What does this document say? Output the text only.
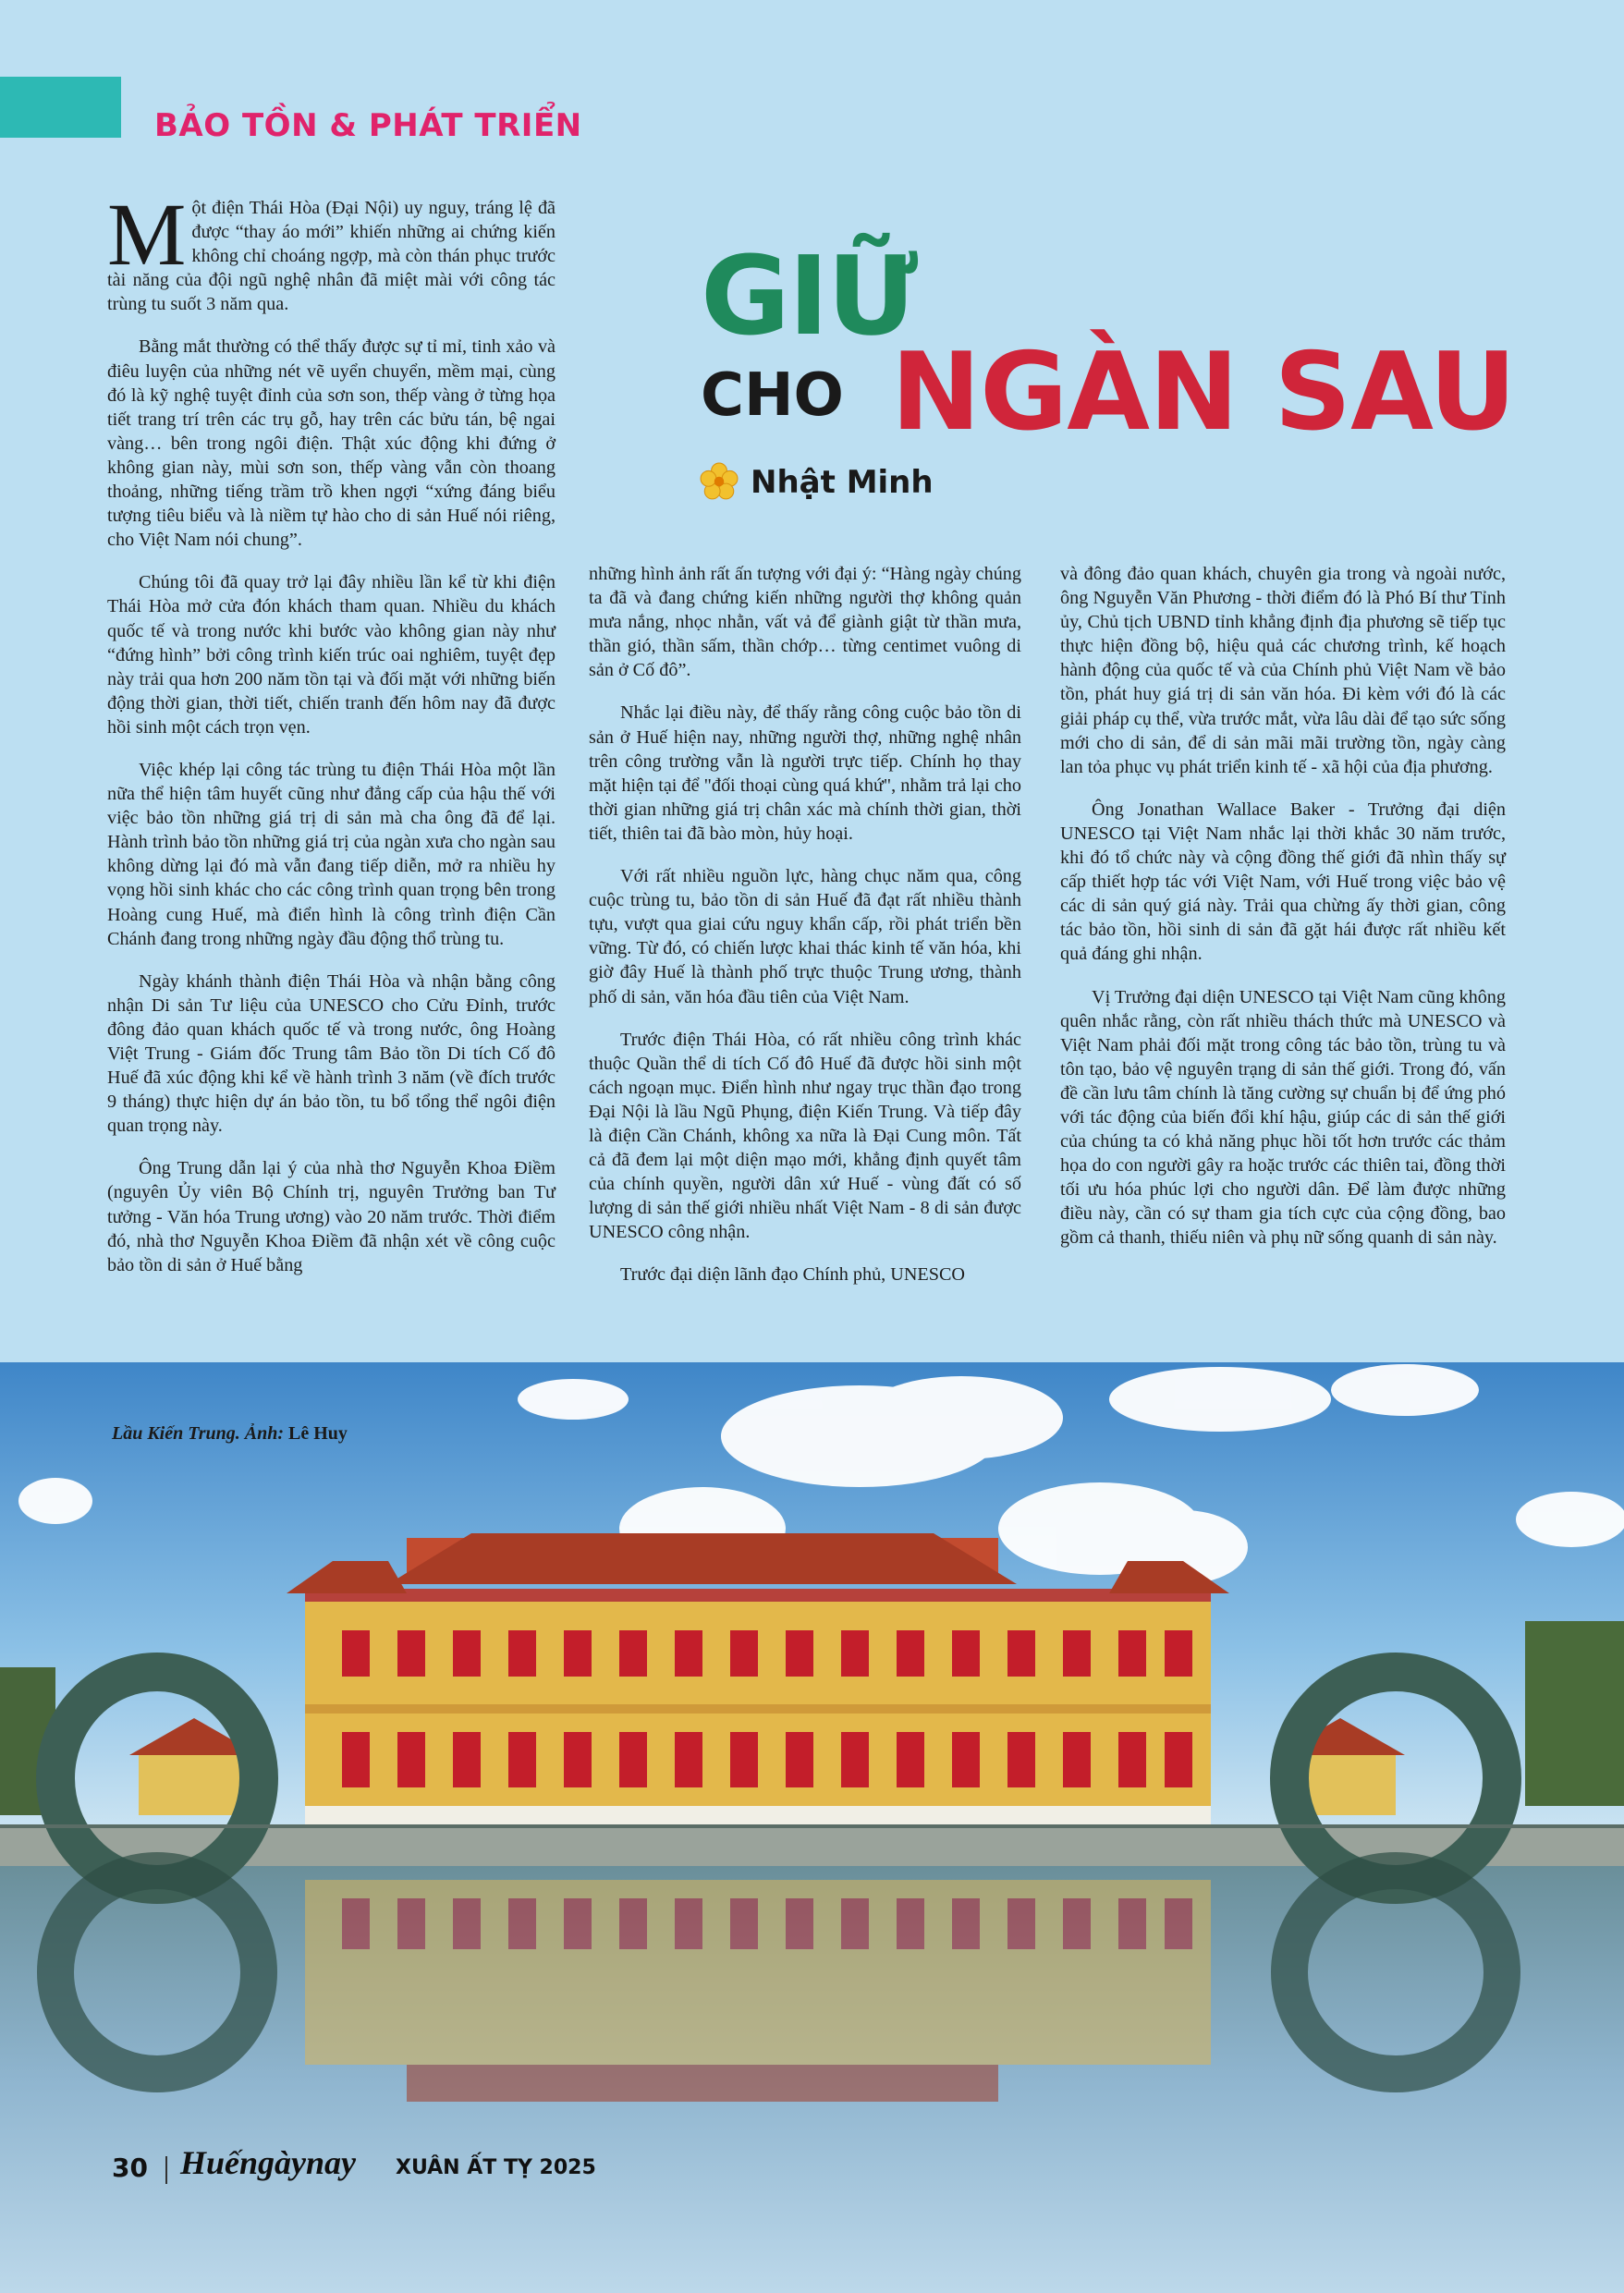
BẢO TỒN & PHÁT TRIỂN

Một điện Thái Hòa (Đại Nội) uy nguy, tráng lệ đã được “thay áo mới” khiến những ai chứng kiến không chỉ choáng ngợp, mà còn thán phục trước tài năng của đội ngũ nghệ nhân đã miệt mài với công tác trùng tu suốt 3 năm qua.

Bằng mắt thường có thể thấy được sự tỉ mỉ, tinh xảo và điêu luyện của những nét vẽ uyển chuyển, mềm mại, cùng đó là kỹ nghệ tuyệt đỉnh của sơn son, thếp vàng ở từng họa tiết trang trí trên các trụ gỗ, hay trên các bửu tán, bệ ngai vàng… bên trong ngôi điện. Thật xúc động khi đứng ở không gian này, mùi sơn son, thếp vàng vẫn còn thoang thoảng, những tiếng trầm trồ khen ngợi “xứng đáng biểu tượng tiêu biểu và là niềm tự hào cho di sản Huế nói riêng, cho Việt Nam nói chung”.

Chúng tôi đã quay trở lại đây nhiều lần kể từ khi điện Thái Hòa mở cửa đón khách tham quan. Nhiều du khách quốc tế và trong nước khi bước vào không gian này như “đứng hình” bởi công trình kiến trúc oai nghiêm, tuyệt đẹp này trải qua hơn 200 năm tồn tại và đối mặt với những biến động thời gian, thời tiết, chiến tranh đến hôm nay đã được hồi sinh một cách trọn vẹn.

Việc khép lại công tác trùng tu điện Thái Hòa một lần nữa thể hiện tâm huyết cũng như đẳng cấp của hậu thế với việc bảo tồn những giá trị di sản mà cha ông đã để lại. Hành trình bảo tồn những giá trị của ngàn xưa cho ngàn sau không dừng lại đó mà vẫn đang tiếp diễn, mở ra nhiều hy vọng hồi sinh khác cho các công trình quan trọng bên trong Hoàng cung Huế, mà điển hình là công trình điện Cần Chánh đang trong những ngày đầu động thổ trùng tu.

Ngày khánh thành điện Thái Hòa và nhận bằng công nhận Di sản Tư liệu của UNESCO cho Cửu Đỉnh, trước đông đảo quan khách quốc tế và trong nước, ông Hoàng Việt Trung - Giám đốc Trung tâm Bảo tồn Di tích Cố đô Huế đã xúc động khi kể về hành trình 3 năm (về đích trước 9 tháng) thực hiện dự án bảo tồn, tu bổ tổng thể ngôi điện quan trọng này.

Ông Trung dẫn lại ý của nhà thơ Nguyễn Khoa Điềm (nguyên Ủy viên Bộ Chính trị, nguyên Trưởng ban Tư tưởng - Văn hóa Trung ương) vào 20 năm trước. Thời điểm đó, nhà thơ Nguyễn Khoa Điềm đã nhận xét về công cuộc bảo tồn di sản ở Huế bằng

GIỮ
CHO NGÀN SAU
Nhật Minh

những hình ảnh rất ấn tượng với đại ý: “Hàng ngày chúng ta đã và đang chứng kiến những người thợ không quản mưa nắng, nhọc nhằn, vất vả để giành giật từ thần mưa, thần gió, thần sấm, thần chớp… từng centimet vuông di sản ở Cố đô”.

Nhắc lại điều này, để thấy rằng công cuộc bảo tồn di sản ở Huế hiện nay, những người thợ, những nghệ nhân trên công trường vẫn là người trực tiếp. Chính họ thay mặt hiện tại để "đối thoại cùng quá khứ", nhằm trả lại cho thời gian những giá trị chân xác mà chính thời gian, thời tiết, thiên tai đã bào mòn, hủy hoại.

Với rất nhiều nguồn lực, hàng chục năm qua, công cuộc trùng tu, bảo tồn di sản Huế đã đạt rất nhiều thành tựu, vượt qua giai cứu nguy khẩn cấp, rồi phát triển bền vững. Từ đó, có chiến lược khai thác kinh tế văn hóa, khi giờ đây Huế là thành phố trực thuộc Trung ương, thành phố di sản, văn hóa đầu tiên của Việt Nam.

Trước điện Thái Hòa, có rất nhiều công trình khác thuộc Quần thể di tích Cố đô Huế đã được hồi sinh một cách ngoạn mục. Điển hình như ngay trục thần đạo trong Đại Nội là lầu Ngũ Phụng, điện Kiến Trung. Và tiếp đây là điện Cần Chánh, không xa nữa là Đại Cung môn. Tất cả đã đem lại một diện mạo mới, khẳng định quyết tâm của chính quyền, người dân xứ Huế - vùng đất có số lượng di sản thế giới nhiều nhất Việt Nam - 8 di sản được UNESCO công nhận.

Trước đại diện lãnh đạo Chính phủ, UNESCO

và đông đảo quan khách, chuyên gia trong và ngoài nước, ông Nguyễn Văn Phương - thời điểm đó là Phó Bí thư Tỉnh ủy, Chủ tịch UBND tỉnh khẳng định địa phương sẽ tiếp tục thực hiện đồng bộ, hiệu quả các chương trình, kế hoạch hành động của quốc tế và của Chính phủ Việt Nam về bảo tồn, phát huy giá trị di sản văn hóa. Đi kèm với đó là các giải pháp cụ thể, vừa trước mắt, vừa lâu dài để tạo sức sống mới cho di sản, để di sản mãi mãi trường tồn, ngày càng lan tỏa phục vụ phát triển kinh tế - xã hội của địa phương.

Ông Jonathan Wallace Baker - Trưởng đại diện UNESCO tại Việt Nam nhắc lại thời khắc 30 năm trước, khi đó tổ chức này và cộng đồng thế giới đã nhìn thấy sự cấp thiết hợp tác với Việt Nam, với Huế trong việc bảo vệ các di sản quý giá này. Trải qua chừng ấy thời gian, công tác bảo tồn, hồi sinh di sản đã gặt hái được rất nhiều kết quả đáng ghi nhận.

Vị Trưởng đại diện UNESCO tại Việt Nam cũng không quên nhắc rằng, còn rất nhiều thách thức mà UNESCO và Việt Nam phải đối mặt trong công tác bảo tồn, trùng tu và tôn tạo, bảo vệ nguyên trạng di sản thế giới. Trong đó, vấn đề cần lưu tâm chính là tăng cường sự chuẩn bị để ứng phó với tác động của biến đổi khí hậu, giúp các di sản thế giới của chúng ta có khả năng phục hồi tốt hơn trước các thảm họa do con người gây ra hoặc trước các thiên tai, đồng thời tối ưu hóa phúc lợi cho người dân. Để làm được những điều này, cần có sự tham gia tích cực của cộng đồng, bao gồm cả thanh, thiếu niên và phụ nữ sống quanh di sản này.

Lầu Kiến Trung. Ảnh: Lê Huy

30 Huếngàynay XUÂN ẤT TỴ 2025
